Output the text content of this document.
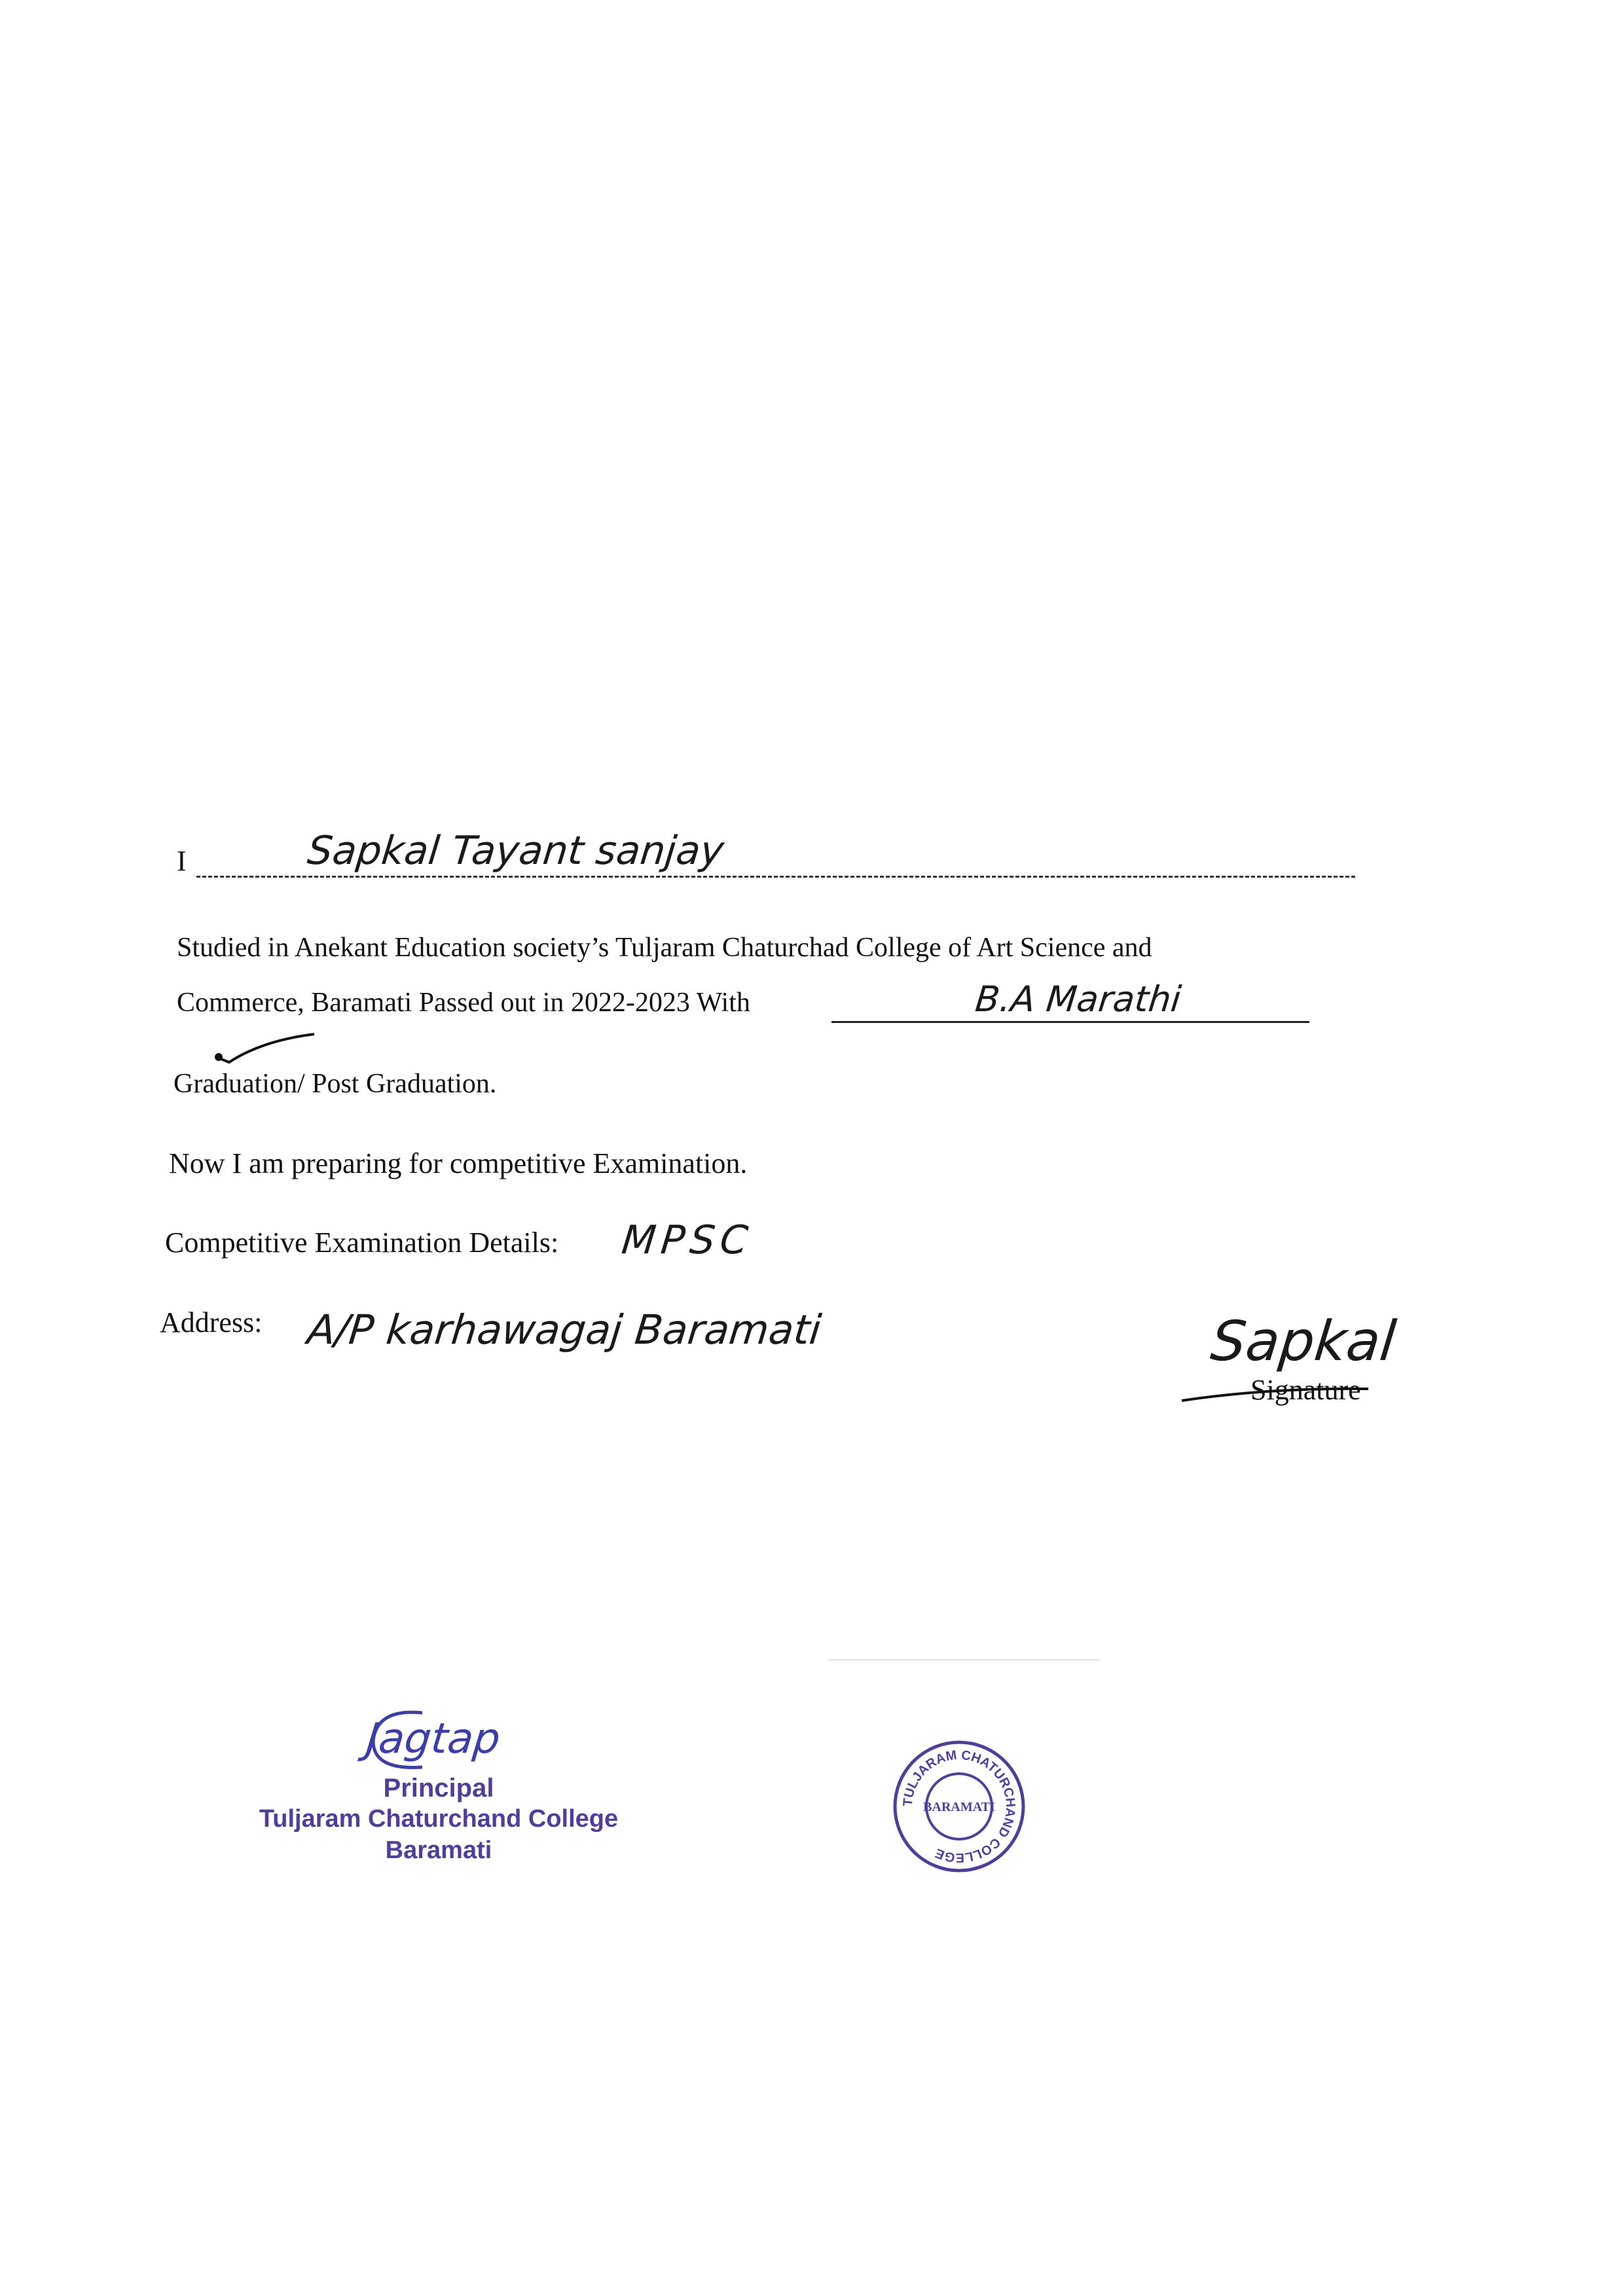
I	Sapkal Tayant sanjay
Studied in Anekant Education society’s Tuljaram Chaturchad College of Art Science and
Commerce, Baramati Passed out in 2022-2023 With	B.A Marathi
Graduation/ Post Graduation.
Now I am preparing for competitive Examination.
Competitive Examination Details: MPSC
Address: A/P karhawagaj Baramati	Sapkal
Signature
Jagtap
Principal
Tuljaram Chaturchand College
Baramati
TULJARAM CHATURCHAND COLLEGE
BARAMATI
